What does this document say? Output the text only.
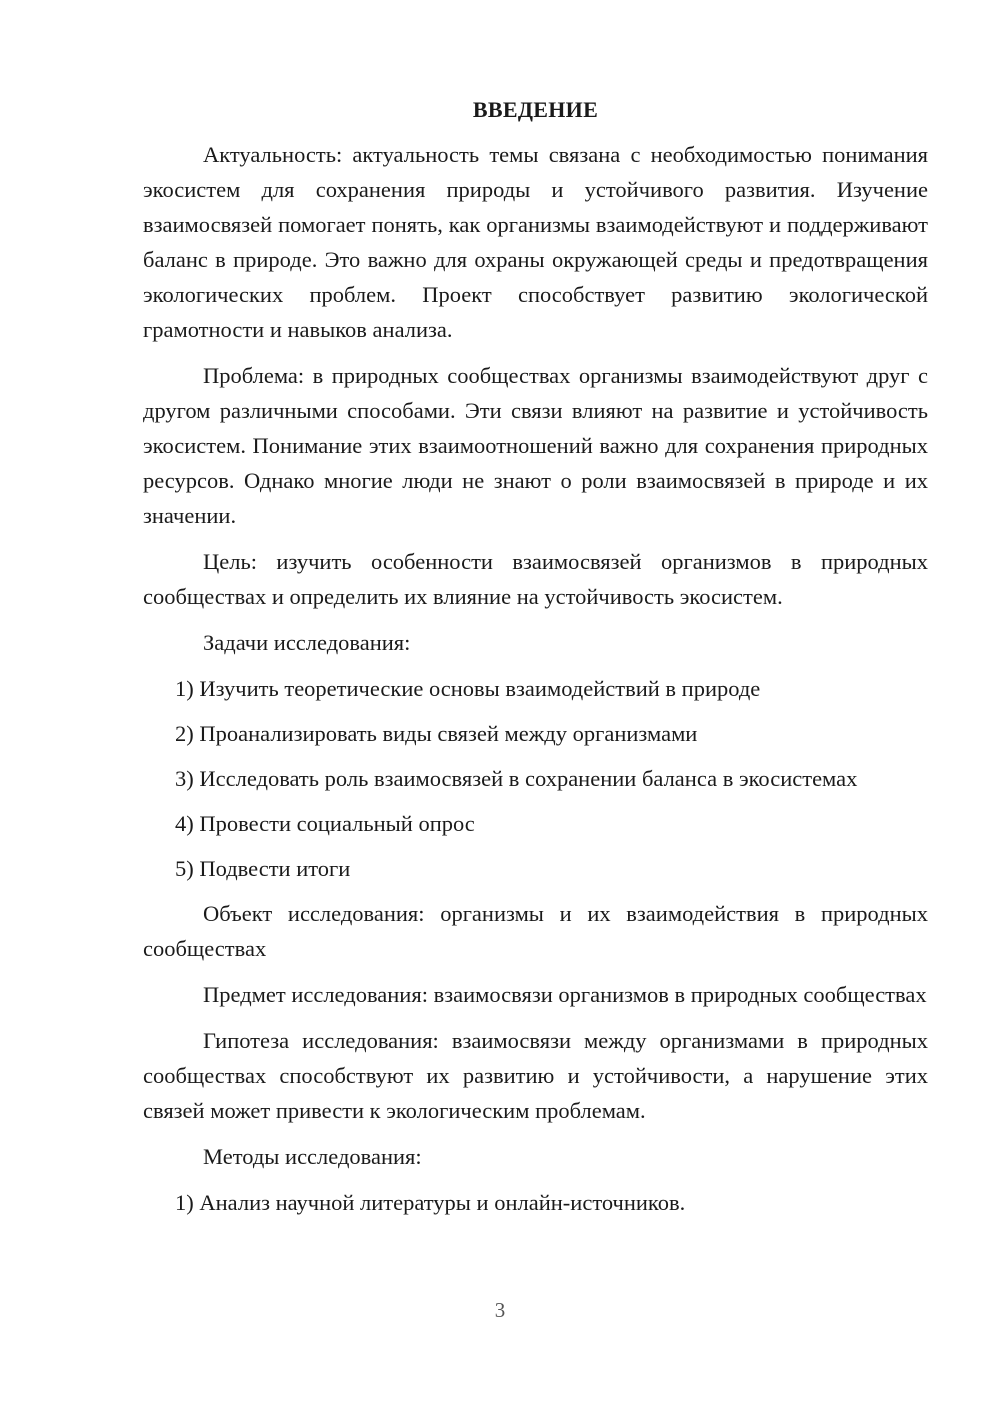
ВВЕДЕНИЕ

Актуальность: актуальность темы связана с необходимостью понимания экосистем для сохранения природы и устойчивого развития. Изучение взаимосвязей помогает понять, как организмы взаимодействуют и поддерживают баланс в природе. Это важно для охраны окружающей среды и предотвращения экологических проблем. Проект способствует развитию экологической грамотности и навыков анализа.

Проблема: в природных сообществах организмы взаимодействуют друг с другом различными способами. Эти связи влияют на развитие и устойчивость экосистем. Понимание этих взаимоотношений важно для сохранения природных ресурсов. Однако многие люди не знают о роли взаимосвязей в природе и их значении.

Цель: изучить особенности взаимосвязей организмов в природных сообществах и определить их влияние на устойчивость экосистем.

Задачи исследования:

1) Изучить теоретические основы взаимодействий в природе
2) Проанализировать виды связей между организмами
3) Исследовать роль взаимосвязей в сохранении баланса в экосистемах
4) Провести социальный опрос
5) Подвести итоги

Объект исследования: организмы и их взаимодействия в природных сообществах

Предмет исследования: взаимосвязи организмов в природных сообществах

Гипотеза исследования: взаимосвязи между организмами в природных сообществах способствуют их развитию и устойчивости, а нарушение этих связей может привести к экологическим проблемам.

Методы исследования:

1) Анализ научной литературы и онлайн-источников.
3
